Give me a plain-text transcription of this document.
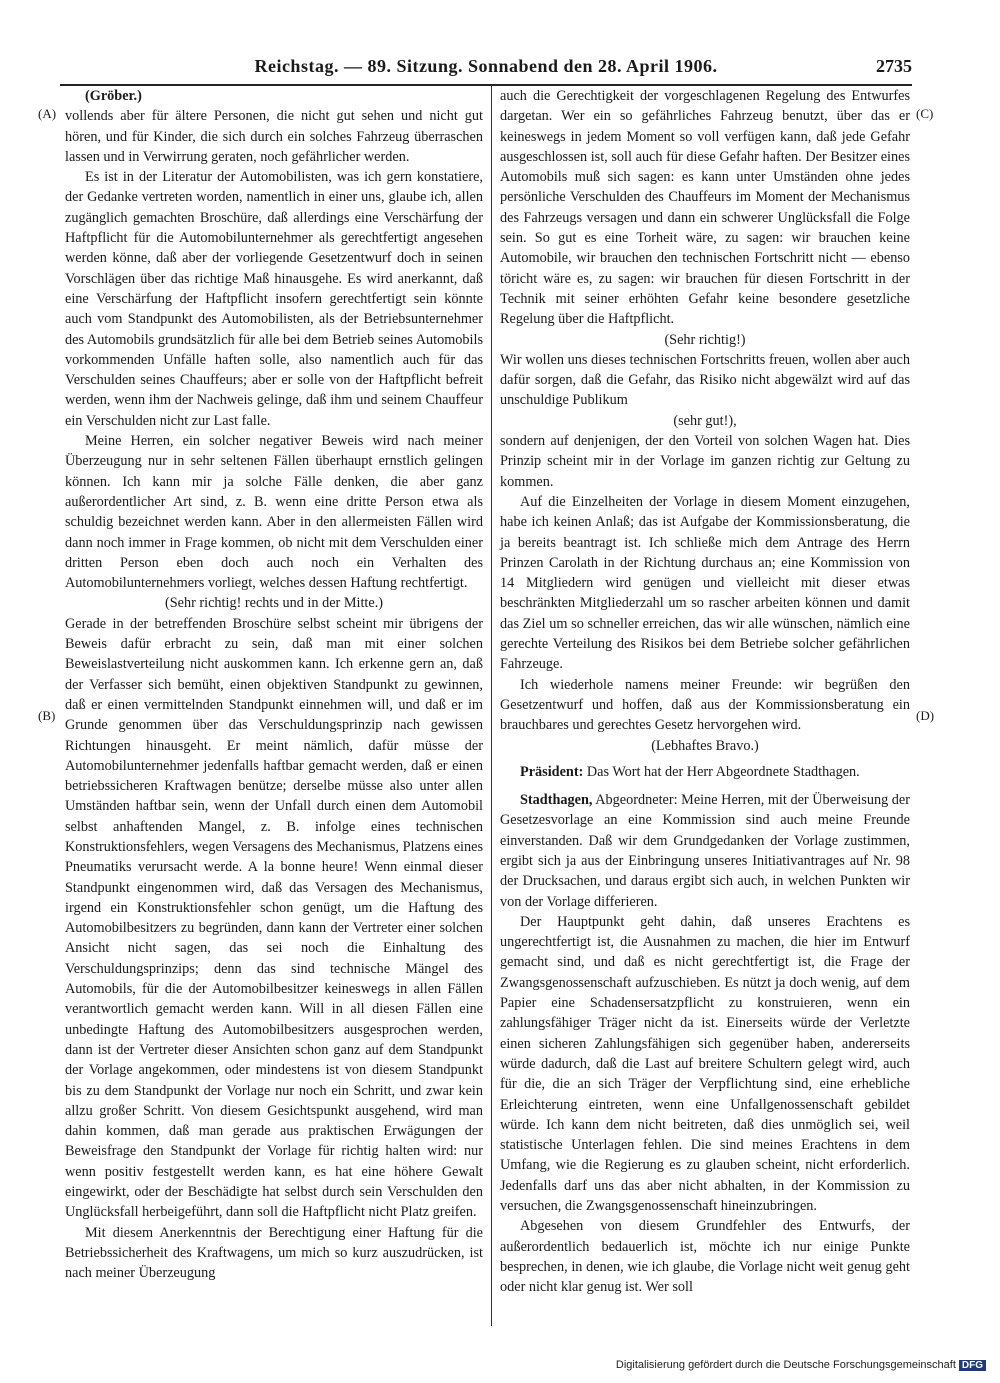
Reichstag. — 89. Sitzung. Sonnabend den 28. April 1906.	2735
(A)
(B)
(C)
(D)

(Gröber.)

vollends aber für ältere Personen, die nicht gut sehen und nicht gut hören, und für Kinder, die sich durch ein solches Fahrzeug überraschen lassen und in Verwirrung geraten, noch gefährlicher werden.

Es ist in der Literatur der Automobilisten, was ich gern konstatiere, der Gedanke vertreten worden, namentlich in einer uns, glaube ich, allen zugänglich gemachten Broschüre, daß allerdings eine Verschärfung der Haftpflicht für die Automobilunternehmer als gerechtfertigt angesehen werden könne, daß aber der vorliegende Gesetzentwurf doch in seinen Vorschlägen über das richtige Maß hinausgehe. Es wird anerkannt, daß eine Verschärfung der Haftpflicht insofern gerechtfertigt sein könnte auch vom Standpunkt des Automobilisten, als der Betriebsunternehmer des Automobils grundsätzlich für alle bei dem Betrieb seines Automobils vorkommenden Unfälle haften solle, also namentlich auch für das Verschulden seines Chauffeurs; aber er solle von der Haftpflicht befreit werden, wenn ihm der Nachweis gelinge, daß ihm und seinem Chauffeur ein Verschulden nicht zur Last falle.

Meine Herren, ein solcher negativer Beweis wird nach meiner Überzeugung nur in sehr seltenen Fällen überhaupt ernstlich gelingen können. Ich kann mir ja solche Fälle denken, die aber ganz außerordentlicher Art sind, z. B. wenn eine dritte Person etwa als schuldig bezeichnet werden kann. Aber in den allermeisten Fällen wird dann noch immer in Frage kommen, ob nicht mit dem Verschulden einer dritten Person eben doch auch noch ein Verhalten des Automobilunternehmers vorliegt, welches dessen Haftung rechtfertigt.

(Sehr richtig! rechts und in der Mitte.)

Gerade in der betreffenden Broschüre selbst scheint mir übrigens der Beweis dafür erbracht zu sein, daß man mit einer solchen Beweislastverteilung nicht auskommen kann. Ich erkenne gern an, daß der Verfasser sich bemüht, einen objektiven Standpunkt zu gewinnen, daß er einen vermittelnden Standpunkt einnehmen will, und daß er im Grunde genommen über das Verschuldungsprinzip nach gewissen Richtungen hinausgeht. Er meint nämlich, dafür müsse der Automobilunternehmer jedenfalls haftbar gemacht werden, daß er einen betriebssicheren Kraftwagen benütze; derselbe müsse also unter allen Umständen haftbar sein, wenn der Unfall durch einen dem Automobil selbst anhaftenden Mangel, z. B. infolge eines technischen Konstruktionsfehlers, wegen Versagens des Mechanismus, Platzens eines Pneumatiks verursacht werde. A la bonne heure! Wenn einmal dieser Standpunkt eingenommen wird, daß das Versagen des Mechanismus, irgend ein Konstruktionsfehler schon genügt, um die Haftung des Automobilbesitzers zu begründen, dann kann der Vertreter einer solchen Ansicht nicht sagen, das sei noch die Einhaltung des Verschuldungsprinzips; denn das sind technische Mängel des Automobils, für die der Automobilbesitzer keineswegs in allen Fällen verantwortlich gemacht werden kann. Will in all diesen Fällen eine unbedingte Haftung des Automobilbesitzers ausgesprochen werden, dann ist der Vertreter dieser Ansichten schon ganz auf dem Standpunkt der Vorlage angekommen, oder mindestens ist von diesem Standpunkt bis zu dem Standpunkt der Vorlage nur noch ein Schritt, und zwar kein allzu großer Schritt. Von diesem Gesichtspunkt ausgehend, wird man dahin kommen, daß man gerade aus praktischen Erwägungen der Beweisfrage den Standpunkt der Vorlage für richtig halten wird: nur wenn positiv festgestellt werden kann, es hat eine höhere Gewalt eingewirkt, oder der Beschädigte hat selbst durch sein Verschulden den Unglücksfall herbeigeführt, dann soll die Haftpflicht nicht Platz greifen.

Mit diesem Anerkenntnis der Berechtigung einer Haftung für die Betriebssicherheit des Kraftwagens, um mich so kurz auszudrücken, ist nach meiner Überzeugung

auch die Gerechtigkeit der vorgeschlagenen Regelung des Entwurfes dargetan. Wer ein so gefährliches Fahrzeug benutzt, über das er keineswegs in jedem Moment so voll verfügen kann, daß jede Gefahr ausgeschlossen ist, soll auch für diese Gefahr haften. Der Besitzer eines Automobils muß sich sagen: es kann unter Umständen ohne jedes persönliche Verschulden des Chauffeurs im Moment der Mechanismus des Fahrzeugs versagen und dann ein schwerer Unglücksfall die Folge sein. So gut es eine Torheit wäre, zu sagen: wir brauchen keine Automobile, wir brauchen den technischen Fortschritt nicht — ebenso töricht wäre es, zu sagen: wir brauchen für diesen Fortschritt in der Technik mit seiner erhöhten Gefahr keine besondere gesetzliche Regelung über die Haftpflicht.

(Sehr richtig!)

Wir wollen uns dieses technischen Fortschritts freuen, wollen aber auch dafür sorgen, daß die Gefahr, das Risiko nicht abgewälzt wird auf das unschuldige Publikum

(sehr gut!),

sondern auf denjenigen, der den Vorteil von solchen Wagen hat. Dies Prinzip scheint mir in der Vorlage im ganzen richtig zur Geltung zu kommen.

Auf die Einzelheiten der Vorlage in diesem Moment einzugehen, habe ich keinen Anlaß; das ist Aufgabe der Kommissionsberatung, die ja bereits beantragt ist. Ich schließe mich dem Antrage des Herrn Prinzen Carolath in der Richtung durchaus an; eine Kommission von 14 Mitgliedern wird genügen und vielleicht mit dieser etwas beschränkten Mitgliederzahl um so rascher arbeiten können und damit das Ziel um so schneller erreichen, das wir alle wünschen, nämlich eine gerechte Verteilung des Risikos bei dem Betriebe solcher gefährlichen Fahrzeuge.

Ich wiederhole namens meiner Freunde: wir begrüßen den Gesetzentwurf und hoffen, daß aus der Kommissionsberatung ein brauchbares und gerechtes Gesetz hervorgehen wird.

(Lebhaftes Bravo.)

Präsident: Das Wort hat der Herr Abgeordnete Stadthagen.

Stadthagen, Abgeordneter: Meine Herren, mit der Überweisung der Gesetzesvorlage an eine Kommission sind auch meine Freunde einverstanden. Daß wir dem Grundgedanken der Vorlage zustimmen, ergibt sich ja aus der Einbringung unseres Initiativantrages auf Nr. 98 der Drucksachen, und daraus ergibt sich auch, in welchen Punkten wir von der Vorlage differieren.

Der Hauptpunkt geht dahin, daß unseres Erachtens es ungerechtfertigt ist, die Ausnahmen zu machen, die hier im Entwurf gemacht sind, und daß es nicht gerechtfertigt ist, die Frage der Zwangsgenossenschaft aufzuschieben. Es nützt ja doch wenig, auf dem Papier eine Schadensersatzpflicht zu konstruieren, wenn ein zahlungsfähiger Träger nicht da ist. Einerseits würde der Verletzte einen sicheren Zahlungsfähigen sich gegenüber haben, andererseits würde dadurch, daß die Last auf breitere Schultern gelegt wird, auch für die, die an sich Träger der Verpflichtung sind, eine erhebliche Erleichterung eintreten, wenn eine Unfallgenossenschaft gebildet würde. Ich kann dem nicht beitreten, daß dies unmöglich sei, weil statistische Unterlagen fehlen. Die sind meines Erachtens in dem Umfang, wie die Regierung es zu glauben scheint, nicht erforderlich. Jedenfalls darf uns das aber nicht abhalten, in der Kommission zu versuchen, die Zwangsgenossenschaft hineinzubringen.

Abgesehen von diesem Grundfehler des Entwurfs, der außerordentlich bedauerlich ist, möchte ich nur einige Punkte besprechen, in denen, wie ich glaube, die Vorlage nicht weit genug geht oder nicht klar genug ist. Wer soll

Digitalisierung gefördert durch die Deutsche Forschungsgemeinschaft DFG
